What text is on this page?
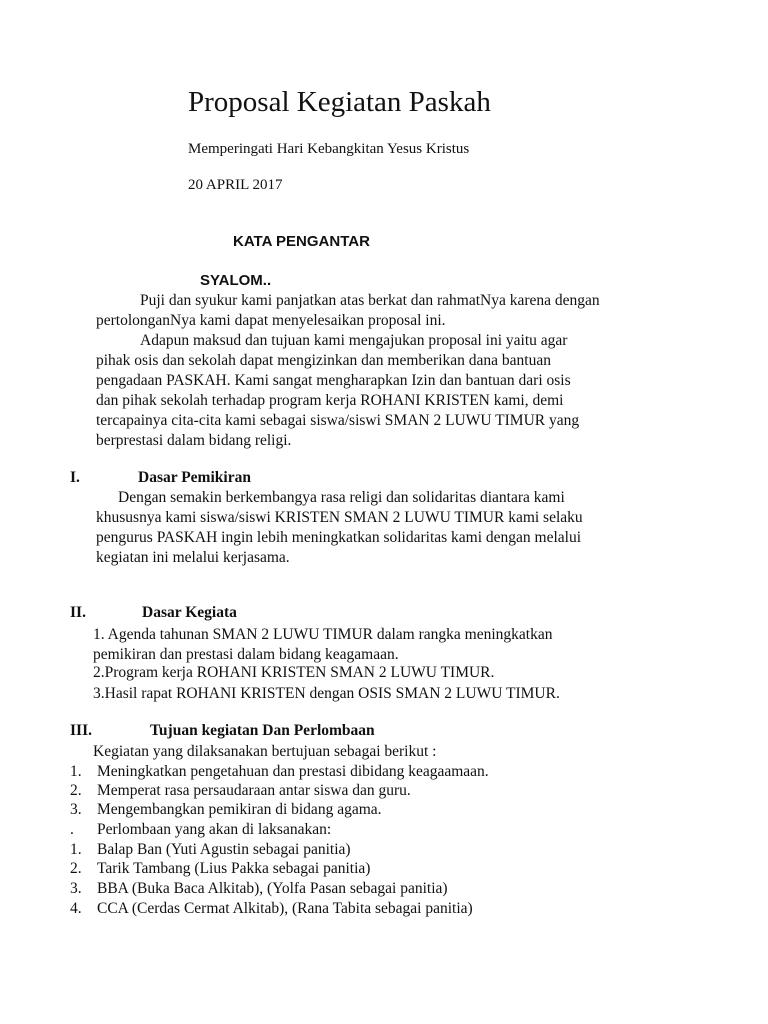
Proposal Kegiatan Paskah
Memperingati Hari Kebangkitan Yesus Kristus
20 APRIL 2017
KATA PENGANTAR
SYALOM..
Puji dan syukur kami panjatkan atas berkat dan rahmatNya karena dengan
pertolonganNya kami dapat menyelesaikan proposal ini.
Adapun maksud dan tujuan kami mengajukan proposal ini yaitu agar
pihak osis dan sekolah dapat mengizinkan dan memberikan dana bantuan
pengadaan PASKAH. Kami sangat mengharapkan Izin dan bantuan dari osis
dan pihak sekolah terhadap program kerja ROHANI KRISTEN kami, demi
tercapainya cita-cita kami sebagai siswa/siswi SMAN 2 LUWU TIMUR yang
berprestasi dalam bidang religi.
I.	Dasar Pemikiran
Dengan semakin berkembangya rasa religi dan solidaritas diantara kami
khususnya kami siswa/siswi KRISTEN SMAN 2 LUWU TIMUR kami selaku
pengurus PASKAH ingin lebih meningkatkan solidaritas kami dengan melalui
kegiatan ini melalui kerjasama.
II.	Dasar Kegiata
1. Agenda tahunan SMAN 2 LUWU TIMUR dalam rangka meningkatkan
pemikiran dan prestasi dalam bidang keagamaan.
2.Program kerja ROHANI KRISTEN SMAN 2 LUWU TIMUR.
3.Hasil rapat ROHANI KRISTEN dengan OSIS SMAN 2 LUWU TIMUR.
III.	Tujuan kegiatan Dan Perlombaan
Kegiatan yang dilaksanakan bertujuan sebagai berikut :
1. Meningkatkan pengetahuan dan prestasi dibidang keagaamaan.
2. Memperat rasa persaudaraan antar siswa dan guru.
3. Mengembangkan pemikiran di bidang agama.
. Perlombaan yang akan di laksanakan:
1. Balap Ban (Yuti Agustin sebagai panitia)
2. Tarik Tambang (Lius Pakka sebagai panitia)
3. BBA (Buka Baca Alkitab), (Yolfa Pasan sebagai panitia)
4. CCA (Cerdas Cermat Alkitab), (Rana Tabita sebagai panitia)
